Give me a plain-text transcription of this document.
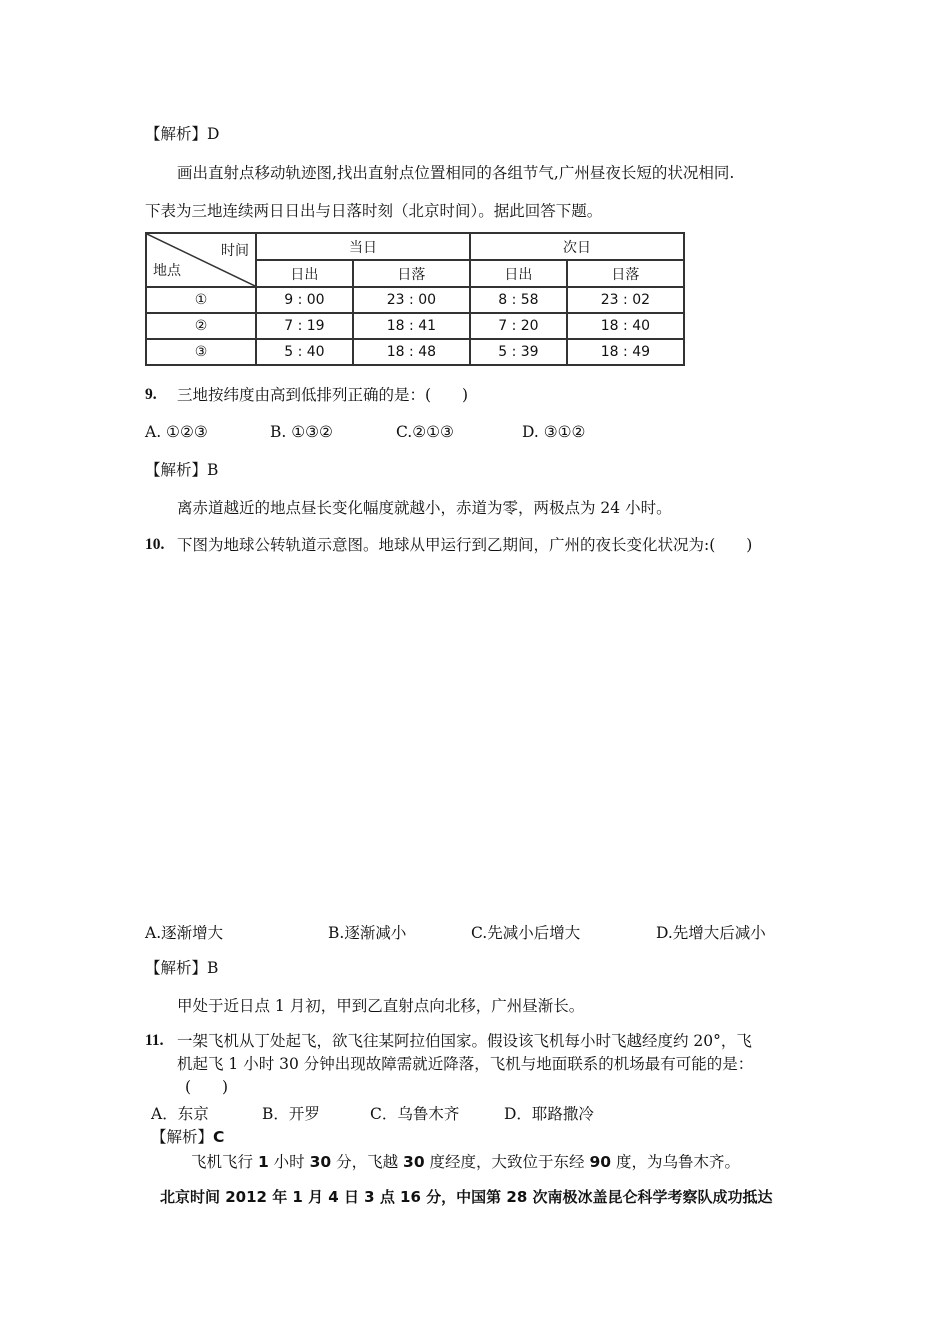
【解析】D
画出直射点移动轨迹图,找出直射点位置相同的各组节气,广州昼夜长短的状况相同.
下表为三地连续两日日出与日落时刻（北京时间）。据此回答下题。
时间
地点	当日		次日	
	日出	日落	日出	日落
①	9 : 00	23 : 00	8 : 58	23 : 02
②	7 : 19	18 : 41	7 : 20	18 : 40
③	5 : 40	18 : 48	5 : 39	18 : 49
9. 三地按纬度由高到低排列正确的是：(　　)
A. ①②③	B. ①③②	C.②①③	D. ③①②
【解析】B
离赤道越近的地点昼长变化幅度就越小，赤道为零，两极点为 24 小时。
10. 下图为地球公转轨道示意图。地球从甲运行到乙期间，广州的夜长变化状况为:(　　)
A.逐渐增大	B.逐渐减小	C.先减小后增大	D.先增大后减小
【解析】B
甲处于近日点 1 月初，甲到乙直射点向北移，广州昼渐长。
11. 一架飞机从丁处起飞，欲飞往某阿拉伯国家。假设该飞机每小时飞越经度约 20°，飞
机起飞 1 小时 30 分钟出现故障需就近降落，飞机与地面联系的机场最有可能的是：
(　　)
A．东京	B．开罗	C．乌鲁木齐	D．耶路撒冷
【解析】C
飞机飞行 1 小时 30 分，飞越 30 度经度，大致位于东经 90 度，为乌鲁木齐。
北京时间 2012 年 1 月 4 日 3 点 16 分，中国第 28 次南极冰盖昆仑科学考察队成功抵达
